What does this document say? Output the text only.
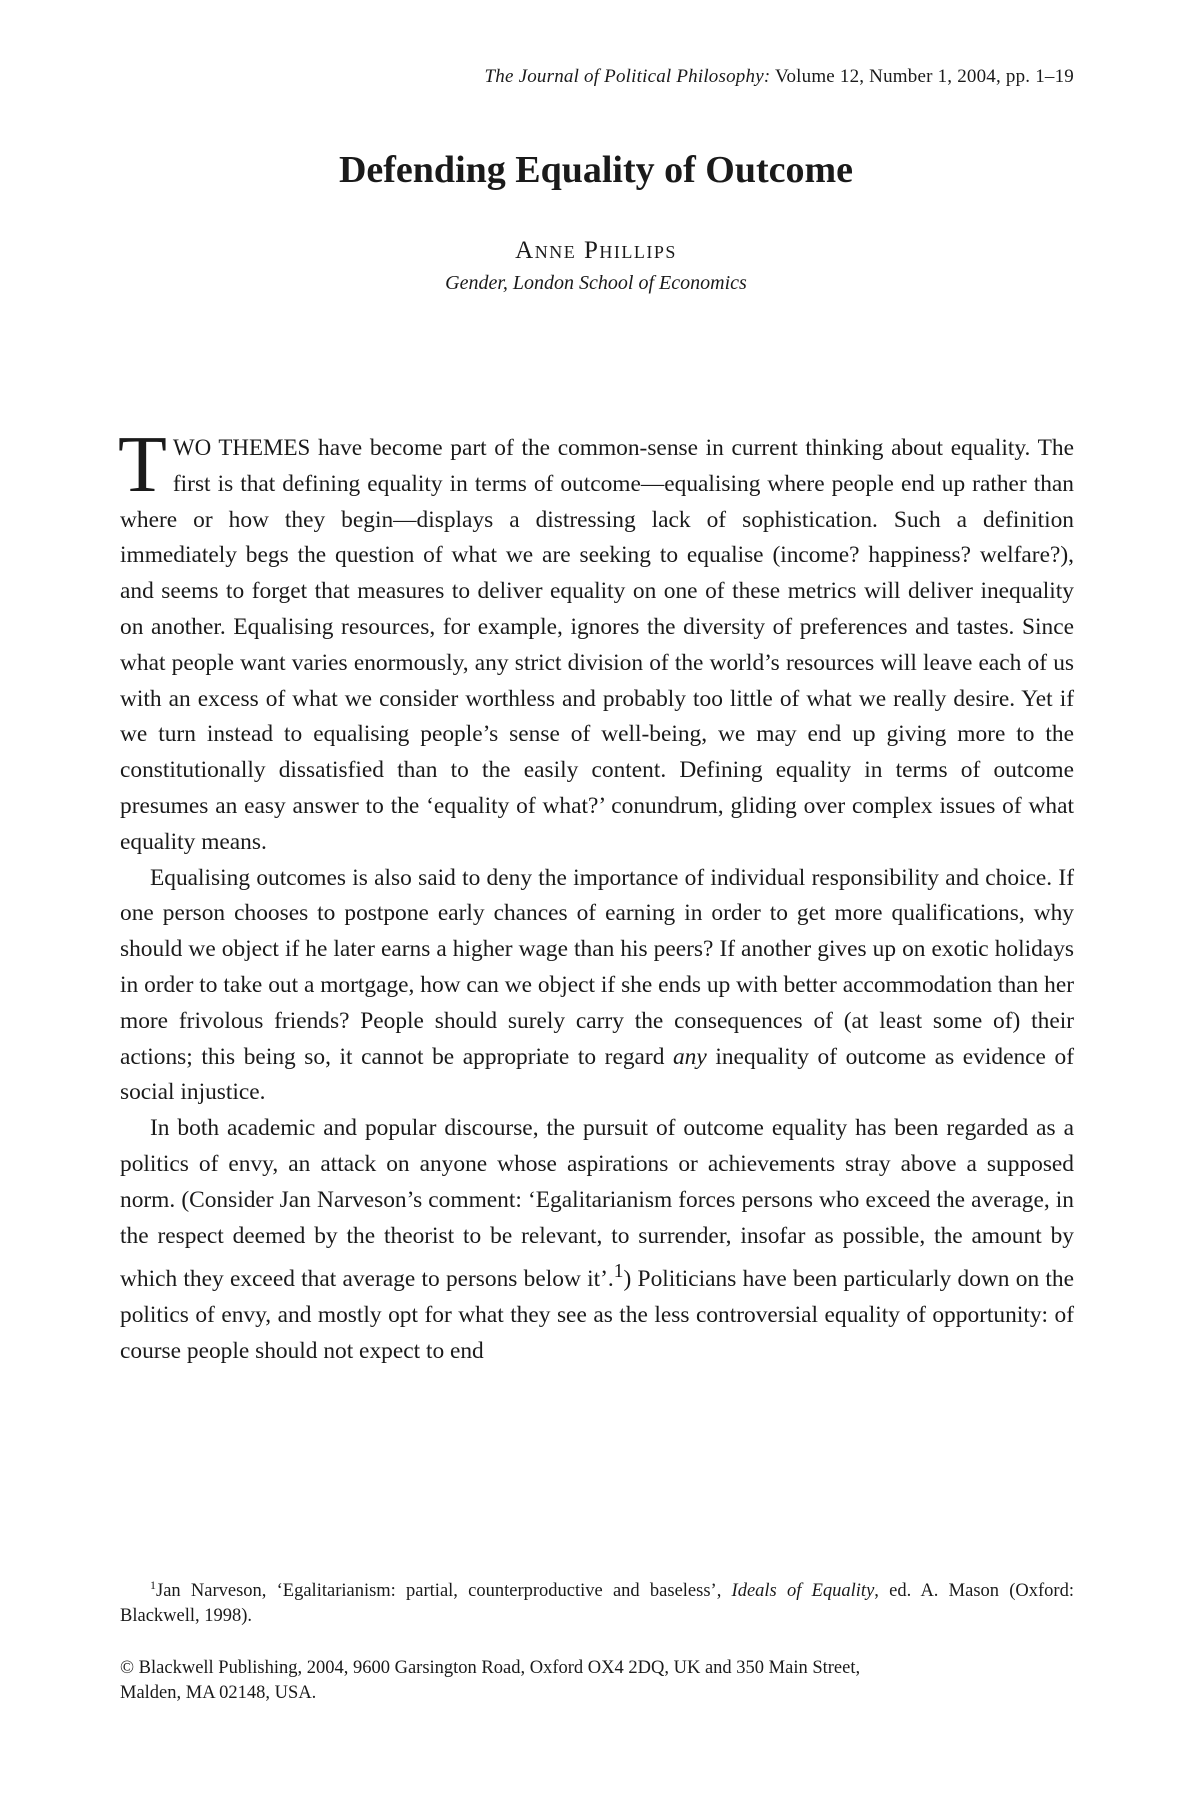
The Journal of Political Philosophy: Volume 12, Number 1, 2004, pp. 1–19
Defending Equality of Outcome
Anne Phillips
Gender, London School of Economics

TWO THEMES have become part of the common-sense in current thinking about equality. The first is that defining equality in terms of outcome—equalising where people end up rather than where or how they begin—displays a distressing lack of sophistication. Such a definition immediately begs the question of what we are seeking to equalise (income? happiness? welfare?), and seems to forget that measures to deliver equality on one of these metrics will deliver inequality on another. Equalising resources, for example, ignores the diversity of preferences and tastes. Since what people want varies enormously, any strict division of the world’s resources will leave each of us with an excess of what we consider worthless and probably too little of what we really desire. Yet if we turn instead to equalising people’s sense of well-being, we may end up giving more to the constitutionally dissatisfied than to the easily content. Defining equality in terms of outcome presumes an easy answer to the ‘equality of what?’ conundrum, gliding over complex issues of what equality means.

Equalising outcomes is also said to deny the importance of individual responsibility and choice. If one person chooses to postpone early chances of earning in order to get more qualifications, why should we object if he later earns a higher wage than his peers? If another gives up on exotic holidays in order to take out a mortgage, how can we object if she ends up with better accommodation than her more frivolous friends? People should surely carry the consequences of (at least some of) their actions; this being so, it cannot be appropriate to regard any inequality of outcome as evidence of social injustice.

In both academic and popular discourse, the pursuit of outcome equality has been regarded as a politics of envy, an attack on anyone whose aspirations or achievements stray above a supposed norm. (Consider Jan Narveson’s comment: ‘Egalitarianism forces persons who exceed the average, in the respect deemed by the theorist to be relevant, to surrender, insofar as possible, the amount by which they exceed that average to persons below it’.$^1$) Politicians have been particularly down on the politics of envy, and mostly opt for what they see as the less controversial equality of opportunity: of course people should not expect to end

$^1$Jan Narveson, ‘Egalitarianism: partial, counterproductive and baseless’, Ideals of Equality, ed. A. Mason (Oxford: Blackwell, 1998).
© Blackwell Publishing, 2004, 9600 Garsington Road, Oxford OX4 2DQ, UK and 350 Main Street,
Malden, MA 02148, USA.
